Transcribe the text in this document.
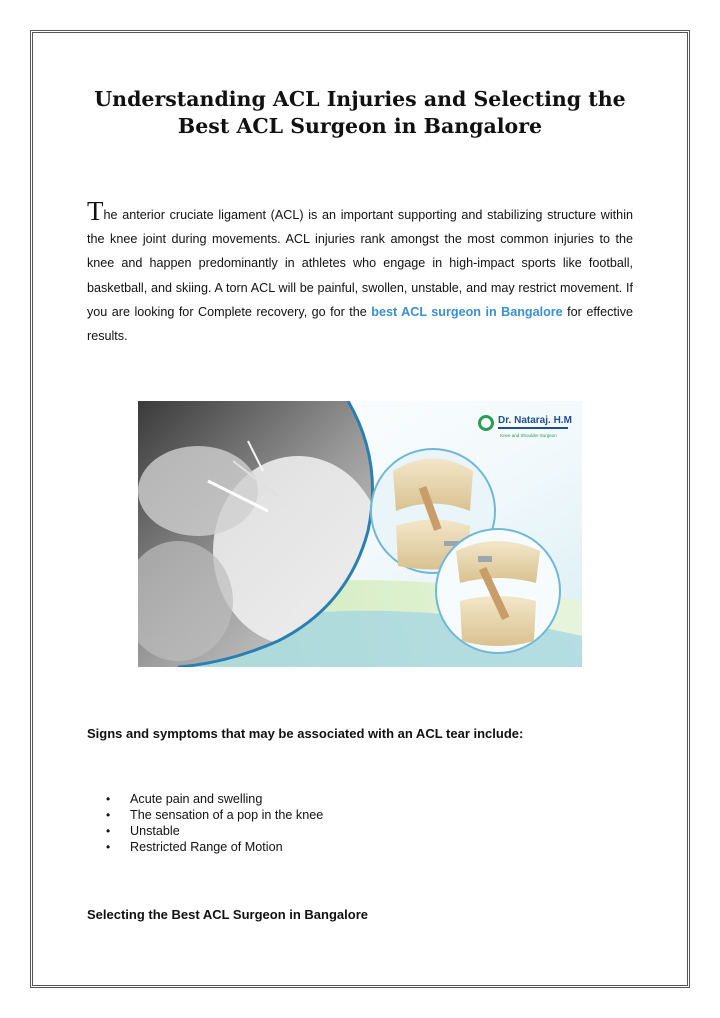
Understanding ACL Injuries and Selecting the
Best ACL Surgeon in Bangalore
The anterior cruciate ligament (ACL) is an important supporting and stabilizing structure within the knee joint during movements. ACL injuries rank amongst the most common injuries to the knee and happen predominantly in athletes who engage in high-impact sports like football, basketball, and skiing. A torn ACL will be painful, swollen, unstable, and may restrict movement. If you are looking for Complete recovery, go for the best ACL surgeon in Bangalore for effective results.
Dr. Nataraj. H.M
Knee and Shoulder Surgeon
Signs and symptoms that may be associated with an ACL tear include:
• Acute pain and swelling
• The sensation of a pop in the knee
• Unstable
• Restricted Range of Motion
Selecting the Best ACL Surgeon in Bangalore
